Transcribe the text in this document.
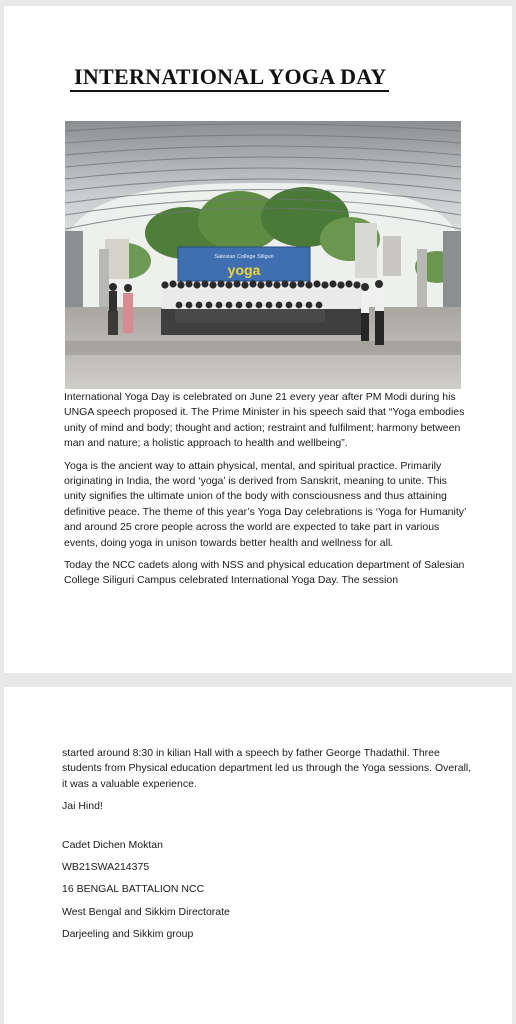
INTERNATIONAL YOGA DAY
Salesian College Siliguri
yoga

International Yoga Day is celebrated on June 21 every year after PM Modi during his UNGA speech proposed it. The Prime Minister in his speech said that “Yoga embodies unity of mind and body; thought and action; restraint and fulfilment; harmony between man and nature; a holistic approach to health and wellbeing”.

Yoga is the ancient way to attain physical, mental, and spiritual practice. Primarily originating in India, the word ‘yoga’ is derived from Sanskrit, meaning to unite. This unity signifies the ultimate union of the body with consciousness and thus attaining definitive peace. The theme of this year’s Yoga Day celebrations is ‘Yoga for Humanity’ and around 25 crore people across the world are expected to take part in various events, doing yoga in unison towards better health and wellness for all.

Today the NCC cadets along with NSS and physical education department of Salesian College Siliguri Campus celebrated International Yoga Day. The session

started around 8:30 in kilian Hall with a speech by father George Thadathil. Three students from Physical education department led us through the Yoga sessions. Overall, it was a valuable experience.

Jai Hind!

Cadet Dichen Moktan

WB21SWA214375

16 BENGAL BATTALION NCC

West Bengal and Sikkim Directorate

Darjeeling and Sikkim group
